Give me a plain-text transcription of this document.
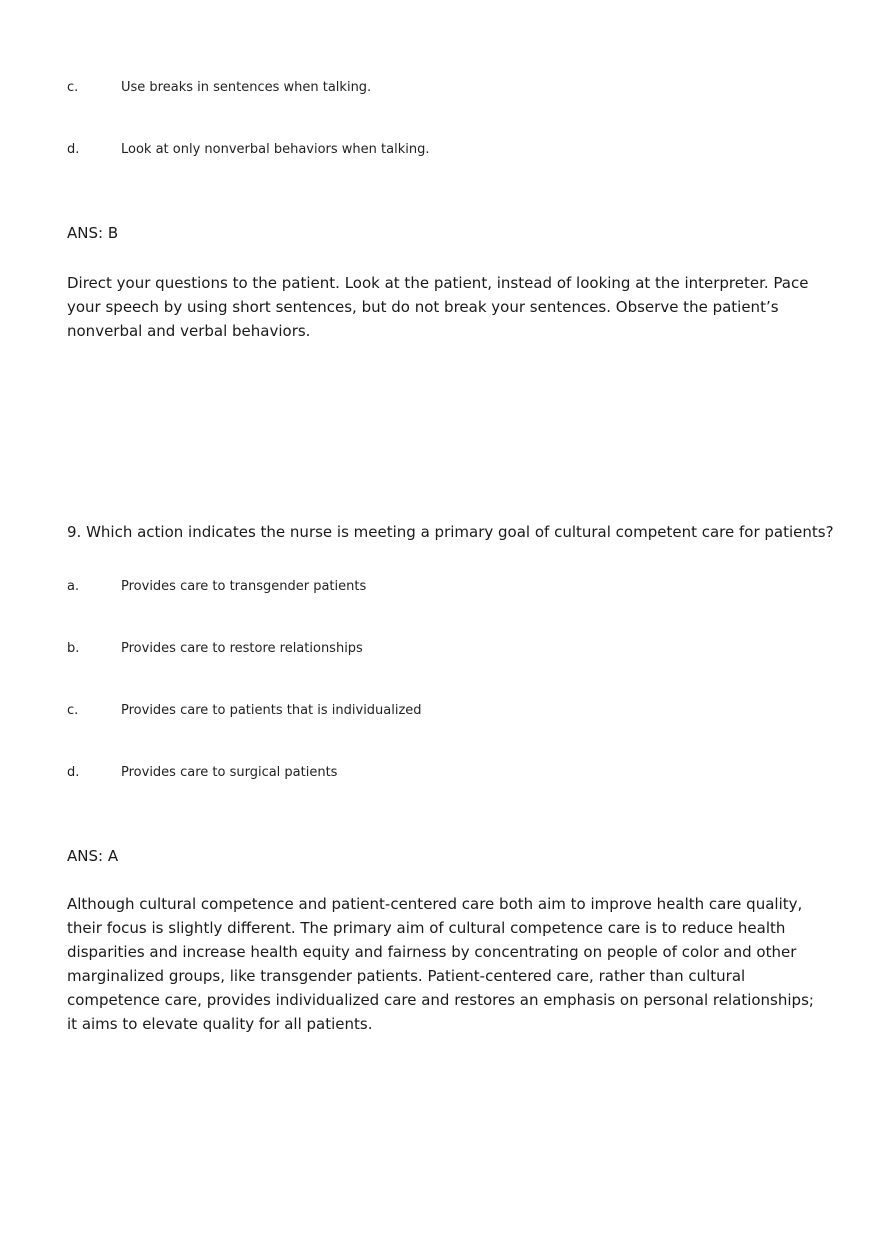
c.	Use breaks in sentences when talking.
d.	Look at only nonverbal behaviors when talking.
ANS: B
Direct your questions to the patient. Look at the patient, instead of looking at the interpreter. Pace your speech by using short sentences, but do not break your sentences. Observe the patient’s nonverbal and verbal behaviors.
9. Which action indicates the nurse is meeting a primary goal of cultural competent care for patients?
a.	Provides care to transgender patients
b.	Provides care to restore relationships
c.	Provides care to patients that is individualized
d.	Provides care to surgical patients
ANS: A
Although cultural competence and patient-centered care both aim to improve health care quality, their focus is slightly different. The primary aim of cultural competence care is to reduce health disparities and increase health equity and fairness by concentrating on people of color and other marginalized groups, like transgender patients. Patient-centered care, rather than cultural competence care, provides individualized care and restores an emphasis on personal relationships; it aims to elevate quality for all patients.
